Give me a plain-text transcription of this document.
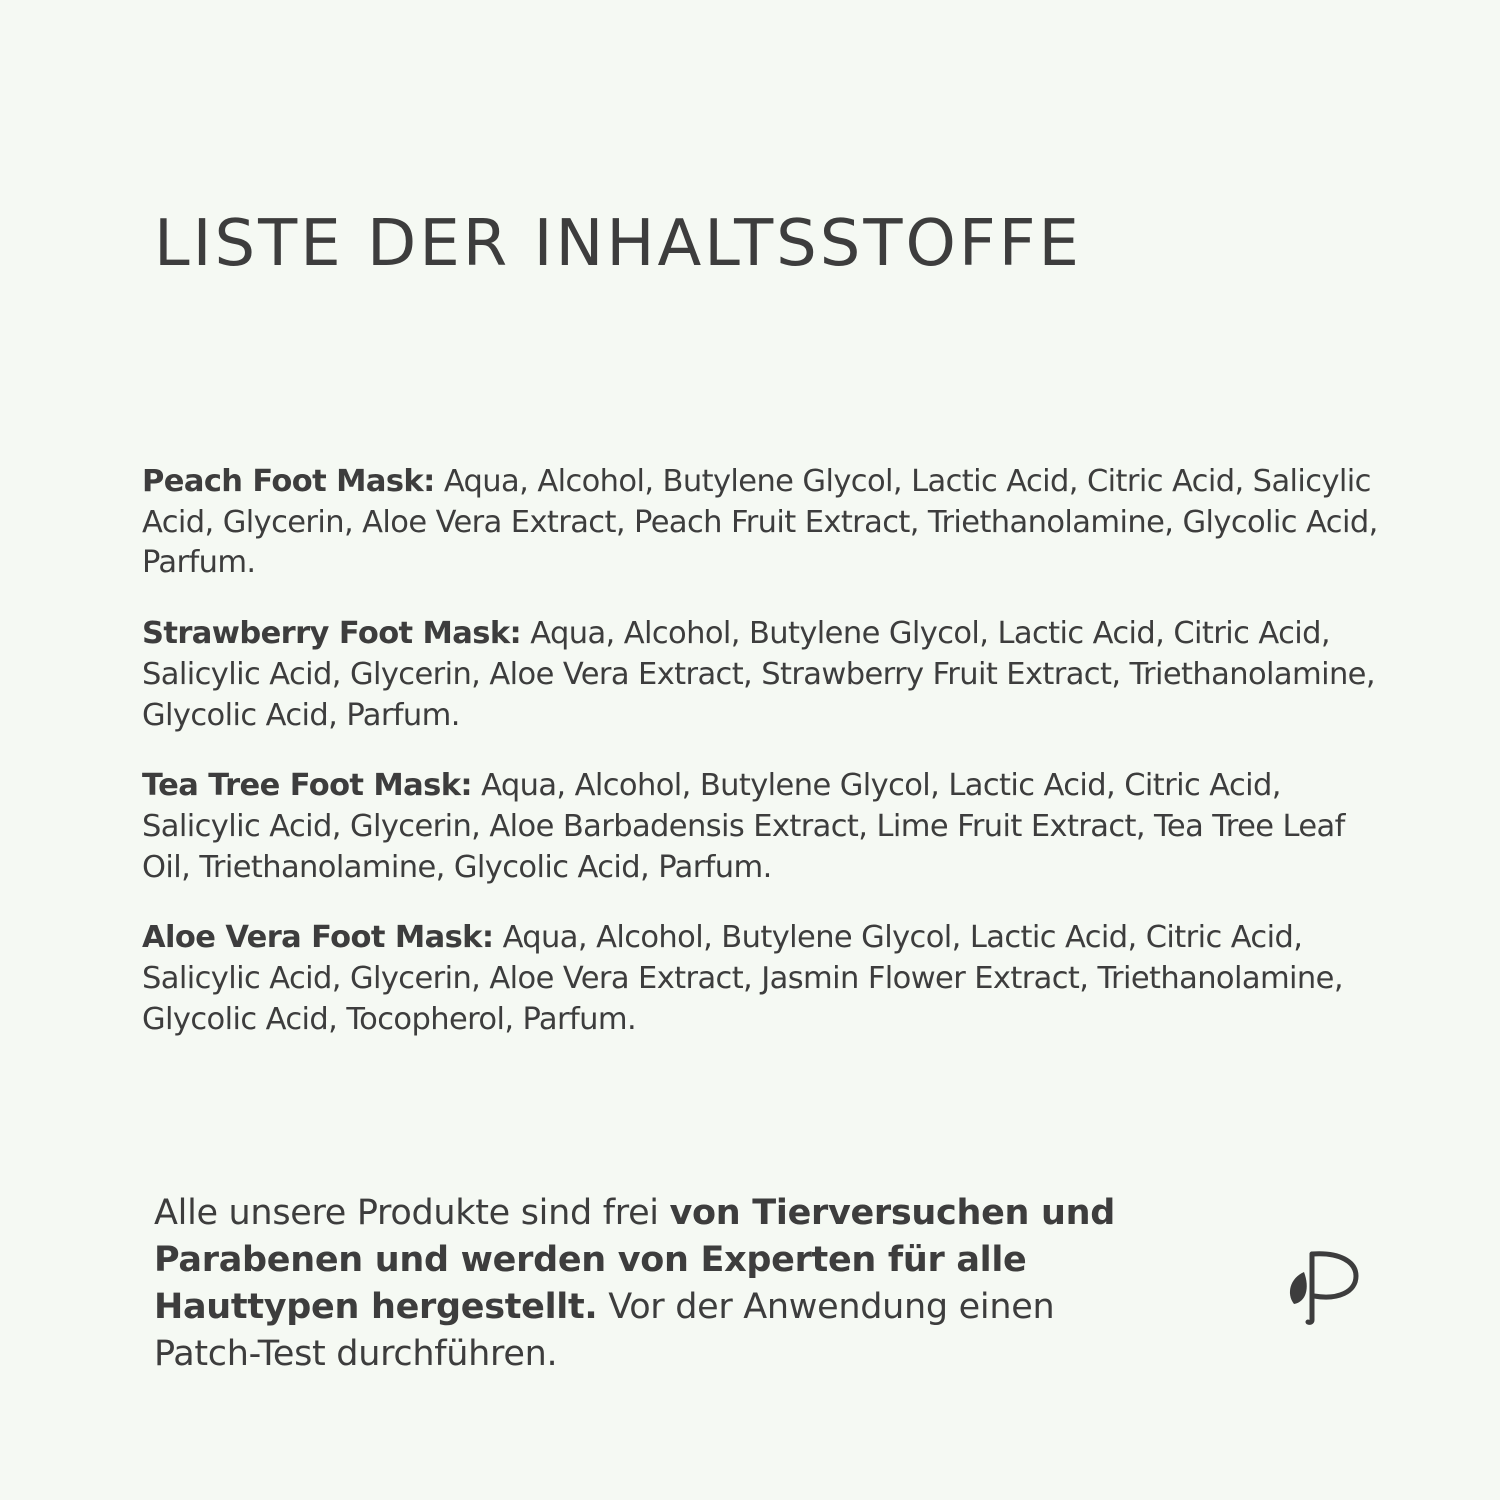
LISTE DER INHALTSSTOFFE

Peach Foot Mask: Aqua, Alcohol, Butylene Glycol, Lactic Acid, Citric Acid, Salicylic Acid, Glycerin, Aloe Vera Extract, Peach Fruit Extract, Triethanolamine, Glycolic Acid, Parfum.

Strawberry Foot Mask: Aqua, Alcohol, Butylene Glycol, Lactic Acid, Citric Acid, Salicylic Acid, Glycerin, Aloe Vera Extract, Strawberry Fruit Extract, Triethanolamine, Glycolic Acid, Parfum.

Tea Tree Foot Mask: Aqua, Alcohol, Butylene Glycol, Lactic Acid, Citric Acid, Salicylic Acid, Glycerin, Aloe Barbadensis Extract, Lime Fruit Extract, Tea Tree Leaf Oil, Triethanolamine, Glycolic Acid, Parfum.

Aloe Vera Foot Mask: Aqua, Alcohol, Butylene Glycol, Lactic Acid, Citric Acid, Salicylic Acid, Glycerin, Aloe Vera Extract, Jasmin Flower Extract, Triethanolamine, Glycolic Acid, Tocopherol, Parfum.

Alle unsere Produkte sind frei von Tierversuchen und Parabenen und werden von Experten für alle Hauttypen hergestellt. Vor der Anwendung einen Patch-Test durchführen.
